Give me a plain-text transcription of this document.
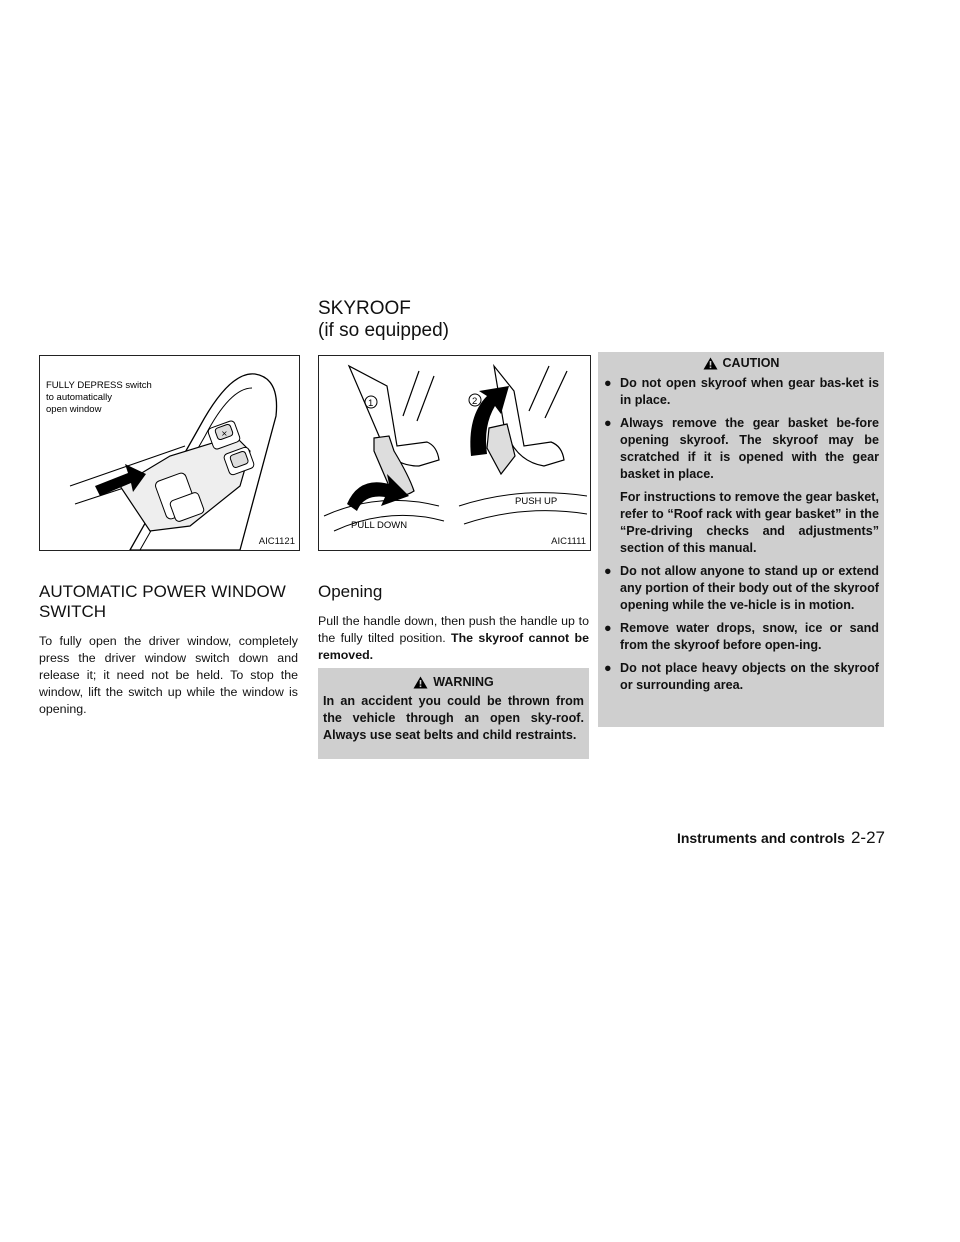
SKYROOF
(if so equipped)
×
FULLY DEPRESS switch
to automatically
open window
AIC1121
1	2
PULL DOWN
PUSH UP
AIC1111
AUTOMATIC POWER WINDOW
SWITCH

To fully open the driver window, completely press the driver window switch down and release it; it need not be held. To stop the window, lift the switch up while the window is opening.

Opening

Pull the handle down, then push the handle up to the fully tilted position. The skyroof cannot be removed.

WARNING
In an accident you could be thrown from the vehicle through an open sky-roof. Always use seat belts and child restraints.
CAUTION
● Do not open skyroof when gear bas-ket is in place.
● Always remove the gear basket be-fore opening skyroof. The skyroof may be scratched if it is opened with the gear basket in place.
For instructions to remove the gear basket, refer to “Roof rack with gear basket” in the “Pre-driving checks and adjustments” section of this manual.
● Do not allow anyone to stand up or extend any portion of their body out of the skyroof opening while the ve-hicle is in motion.
● Remove water drops, snow, ice or sand from the skyroof before open-ing.
● Do not place heavy objects on the skyroof or surrounding area.
Instruments and controls 2-27
